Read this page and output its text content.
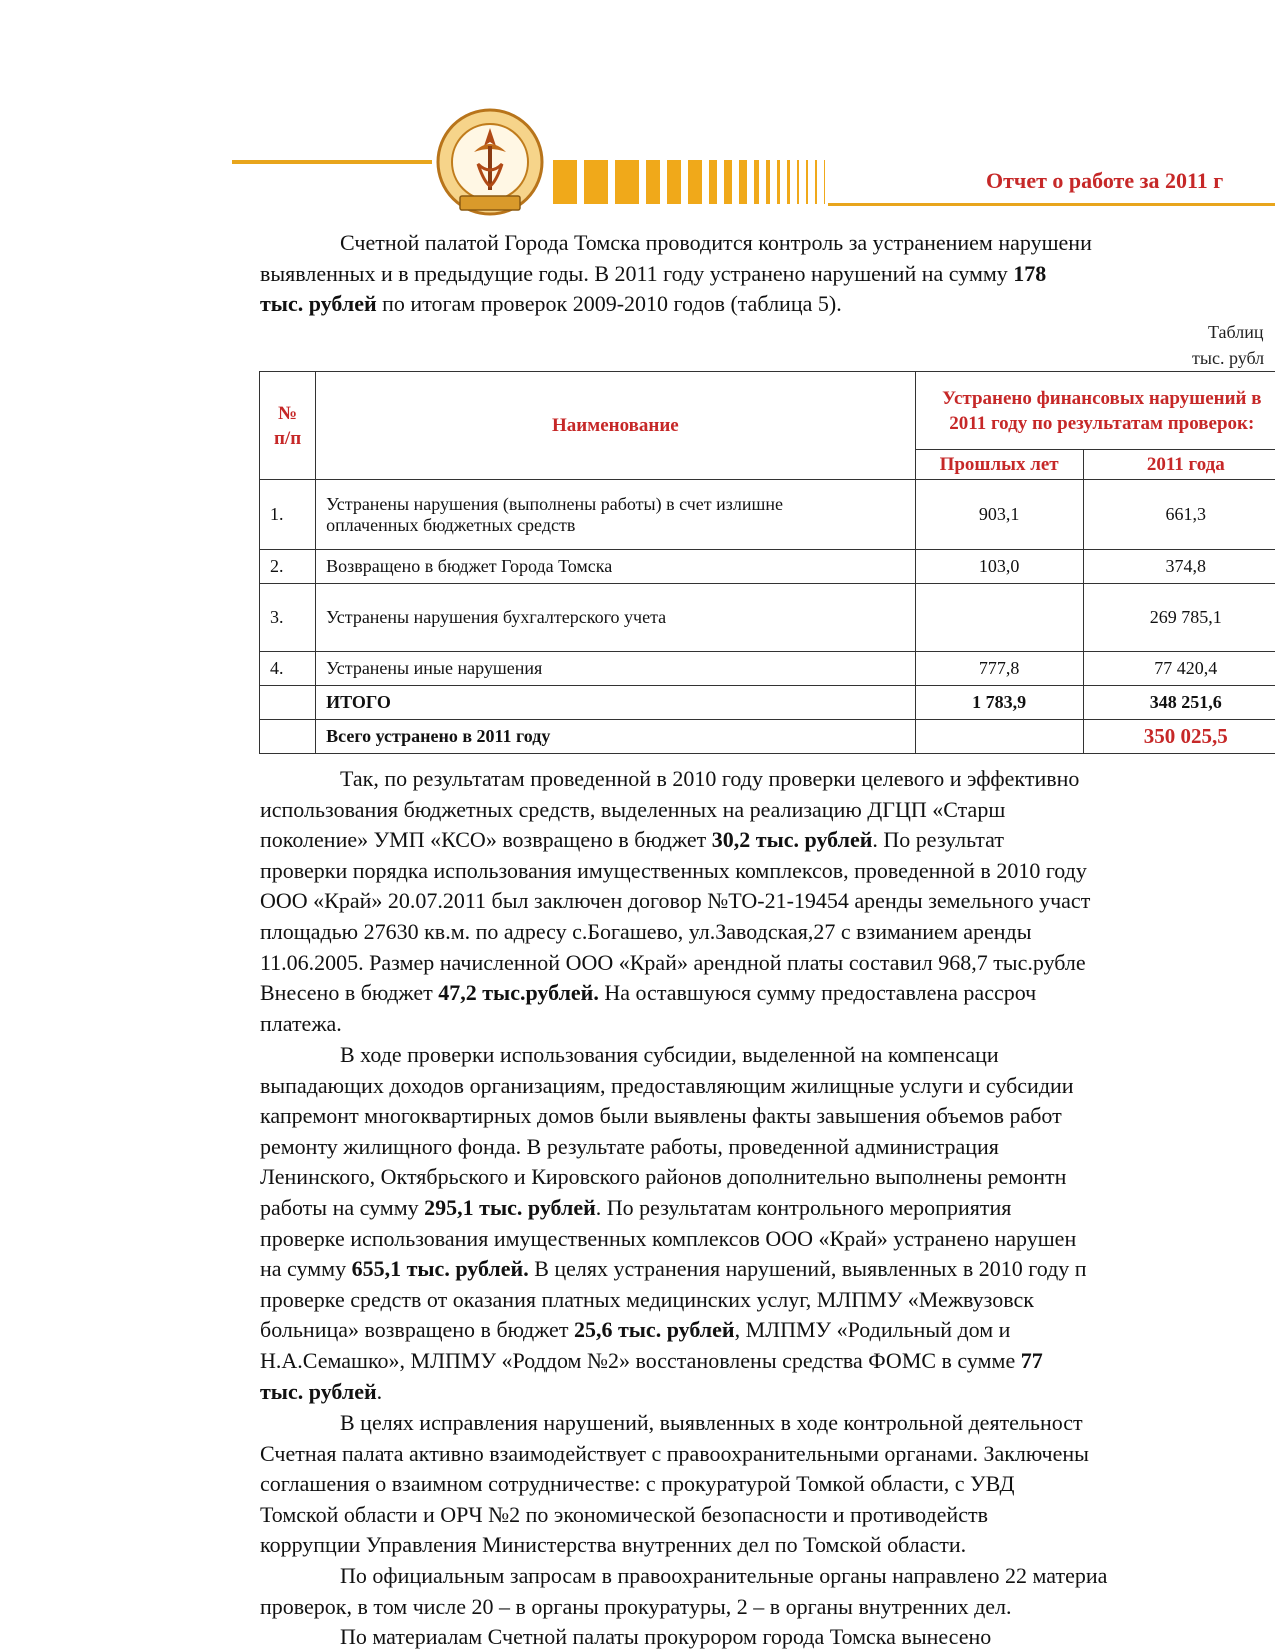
Отчет о работе за 2011 г
Счетной палатой Города Томска проводится контроль за устранением нарушени
выявленных и в предыдущие годы. В 2011 году устранено нарушений на сумму 178
тыс. рублей по итогам проверок 2009-2010 годов (таблица 5).
Таблиц
тыс. рубл
№ п/п	Наименование	Устранено финансовых нарушений в 2011 году по результатам проверок:	
		Прошлых лет	2011 года
1.	Устранены нарушения (выполнены работы) в счет излишне
оплаченных бюджетных средств	903,1	661,3
2.	Возвращено в бюджет Города Томска	103,0	374,8
3.	Устранены нарушения бухгалтерского учета		269 785,1
4.	Устранены иные нарушения	777,8	77 420,4
	ИТОГО	1 783,9	348 251,6
	Всего устранено в 2011 году		350 025,5
Так, по результатам проведенной в 2010 году проверки целевого и эффективно
использования бюджетных средств, выделенных на реализацию ДГЦП «Старш
поколение» УМП «КСО» возвращено в бюджет 30,2 тыс. рублей. По результат
проверки порядка использования имущественных комплексов, проведенной в 2010 году
ООО «Край» 20.07.2011 был заключен договор №ТО-21-19454 аренды земельного участ
площадью 27630 кв.м. по адресу с.Богашево, ул.Заводская,27 с взиманием аренды
11.06.2005. Размер начисленной ООО «Край» арендной платы составил 968,7 тыс.рубле
Внесено в бюджет 47,2 тыс.рублей. На оставшуюся сумму предоставлена рассроч
платежа.
В ходе проверки использования субсидии, выделенной на компенсаци
выпадающих доходов организациям, предоставляющим жилищные услуги и субсидии
капремонт многоквартирных домов были выявлены факты завышения объемов работ
ремонту жилищного фонда. В результате работы, проведенной администрация
Ленинского, Октябрьского и Кировского районов дополнительно выполнены ремонтн
работы на сумму 295,1 тыс. рублей. По результатам контрольного мероприятия
проверке использования имущественных комплексов ООО «Край» устранено нарушен
на сумму 655,1 тыс. рублей. В целях устранения нарушений, выявленных в 2010 году п
проверке средств от оказания платных медицинских услуг, МЛПМУ «Межвузовск
больница» возвращено в бюджет 25,6 тыс. рублей, МЛПМУ «Родильный дом и
Н.А.Семашко», МЛПМУ «Роддом №2» восстановлены средства ФОМС в сумме 77
тыс. рублей.
В целях исправления нарушений, выявленных в ходе контрольной деятельност
Счетная палата активно взаимодействует с правоохранительными органами. Заключены
соглашения о взаимном сотрудничестве: с прокуратурой Томкой области, с УВД
Томской области и ОРЧ №2 по экономической безопасности и противодейств
коррупции Управления Министерства внутренних дел по Томской области.
По официальным запросам в правоохранительные органы направлено 22 материа
проверок, в том числе 20 – в органы прокуратуры, 2 – в органы внутренних дел.
По материалам Счетной палаты прокурором города Томска вынесено
